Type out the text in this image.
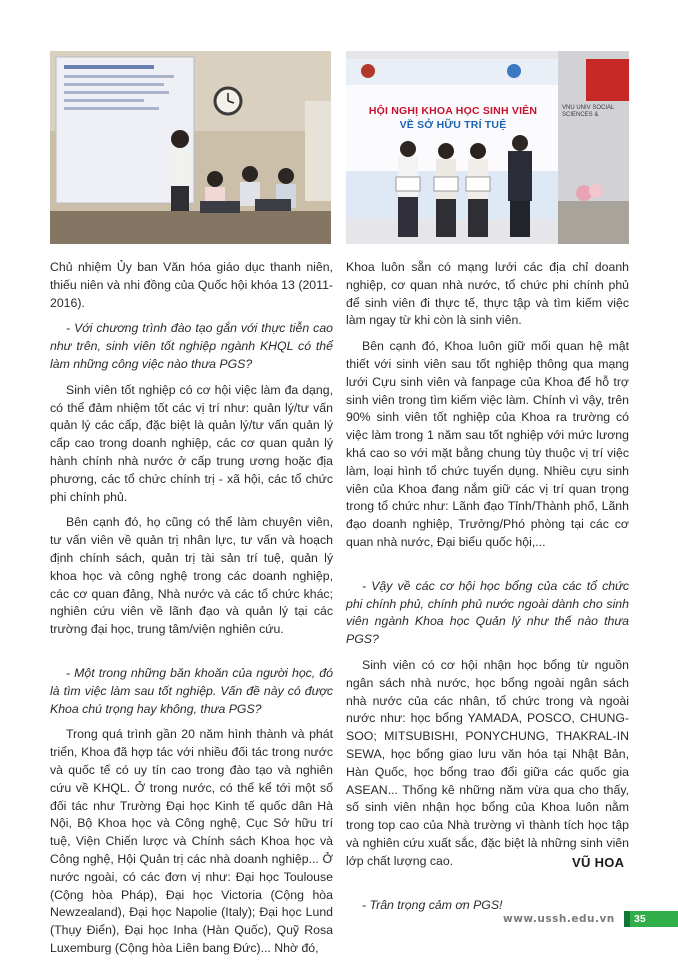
HỘI NGHỊ KHOA HỌC SINH VIÊN
VỀ SỞ HỮU TRÍ TUỆ
VNU UNIV SOCIAL SCIENCES &

Chủ nhiệm Ủy ban Văn hóa giáo dục thanh niên, thiếu niên và nhi đồng của Quốc hội khóa 13 (2011-2016).

- Với chương trình đào tạo gắn với thực tiễn cao như trên, sinh viên tốt nghiệp ngành KHQL có thể làm những công việc nào thưa PGS?

Sinh viên tốt nghiệp có cơ hội việc làm đa dạng, có thể đảm nhiệm tốt các vị trí như: quản lý/tư vấn quản lý các cấp, đặc biệt là quản lý/tư vấn quản lý cấp cao trong doanh nghiệp, các cơ quan quản lý hành chính nhà nước ở cấp trung ương hoặc địa phương, các tổ chức chính trị - xã hội, các tổ chức phi chính phủ.

Bên cạnh đó, họ cũng có thể làm chuyên viên, tư vấn viên về quản trị nhân lực, tư vấn và hoạch định chính sách, quản trị tài sản trí tuệ, quản lý khoa học và công nghệ trong các doanh nghiệp, các cơ quan đảng, Nhà nước và các tổ chức khác; nghiên cứu viên về lãnh đạo và quản lý tại các trường đại học, trung tâm/viện nghiên cứu.

- Một trong những băn khoăn của người học, đó là tìm việc làm sau tốt nghiệp. Vấn đề này có được Khoa chú trọng hay không, thưa PGS?

Trong quá trình gần 20 năm hình thành và phát triển, Khoa đã hợp tác với nhiều đối tác trong nước và quốc tế có uy tín cao trong đào tạo và nghiên cứu về KHQL. Ở trong nước, có thể kể tới một số đối tác như Trường Đại học Kinh tế quốc dân Hà Nội, Bộ Khoa học và Công nghệ, Cục Sở hữu trí tuệ, Viện Chiến lược và Chính sách Khoa học và Công nghệ, Hội Quản trị các nhà doanh nghiệp... Ở nước ngoài, có các đơn vị như: Đại học Toulouse (Cộng hòa Pháp), Đại học Victoria (Cộng hòa Newzealand), Đại học Napolie (Italy); Đại học Lund (Thụy Điển), Đại học Inha (Hàn Quốc), Quỹ Rosa Luxemburg (Cộng hòa Liên bang Đức)... Nhờ đó,

Khoa luôn sẵn có mạng lưới các địa chỉ doanh nghiệp, cơ quan nhà nước, tổ chức phi chính phủ để sinh viên đi thực tế, thực tập và tìm kiếm việc làm ngay từ khi còn là sinh viên.

Bên cạnh đó, Khoa luôn giữ mối quan hệ mật thiết với sinh viên sau tốt nghiệp thông qua mạng lưới Cựu sinh viên và fanpage của Khoa để hỗ trợ sinh viên trong tìm kiếm việc làm. Chính vì vậy, trên 90% sinh viên tốt nghiệp của Khoa ra trường có việc làm trong 1 năm sau tốt nghiệp với mức lương khá cao so với mặt bằng chung tùy thuộc vị trí việc làm, loại hình tổ chức tuyển dụng. Nhiều cựu sinh viên của Khoa đang nắm giữ các vị trí quan trọng trong tổ chức như: Lãnh đạo Tỉnh/Thành phố, Lãnh đạo doanh nghiệp, Trưởng/Phó phòng tại các cơ quan nhà nước, Đại biểu quốc hội,...

- Vậy về các cơ hội học bổng của các tổ chức phi chính phủ, chính phủ nước ngoài dành cho sinh viên ngành Khoa học Quản lý như thế nào thưa PGS?

Sinh viên có cơ hội nhận học bổng từ nguồn ngân sách nhà nước, học bổng ngoài ngân sách nhà nước của các nhân, tổ chức trong và ngoài nước như: học bổng YAMADA, POSCO, CHUNG-SOO; MITSUBISHI, PONYCHUNG, THAKRAL-IN SEWA, học bổng giao lưu văn hóa tại Nhật Bản, Hàn Quốc, học bổng trao đổi giữa các quốc gia ASEAN... Thống kê những năm vừa qua cho thấy, số sinh viên nhận học bổng của Khoa luôn nằm trong top cao của Nhà trường vì thành tích học tập và nghiên cứu xuất sắc, đặc biệt là những sinh viên lớp chất lượng cao.

- Trân trọng cảm ơn PGS!

VŨ HOA
www.ussh.edu.vn 35
